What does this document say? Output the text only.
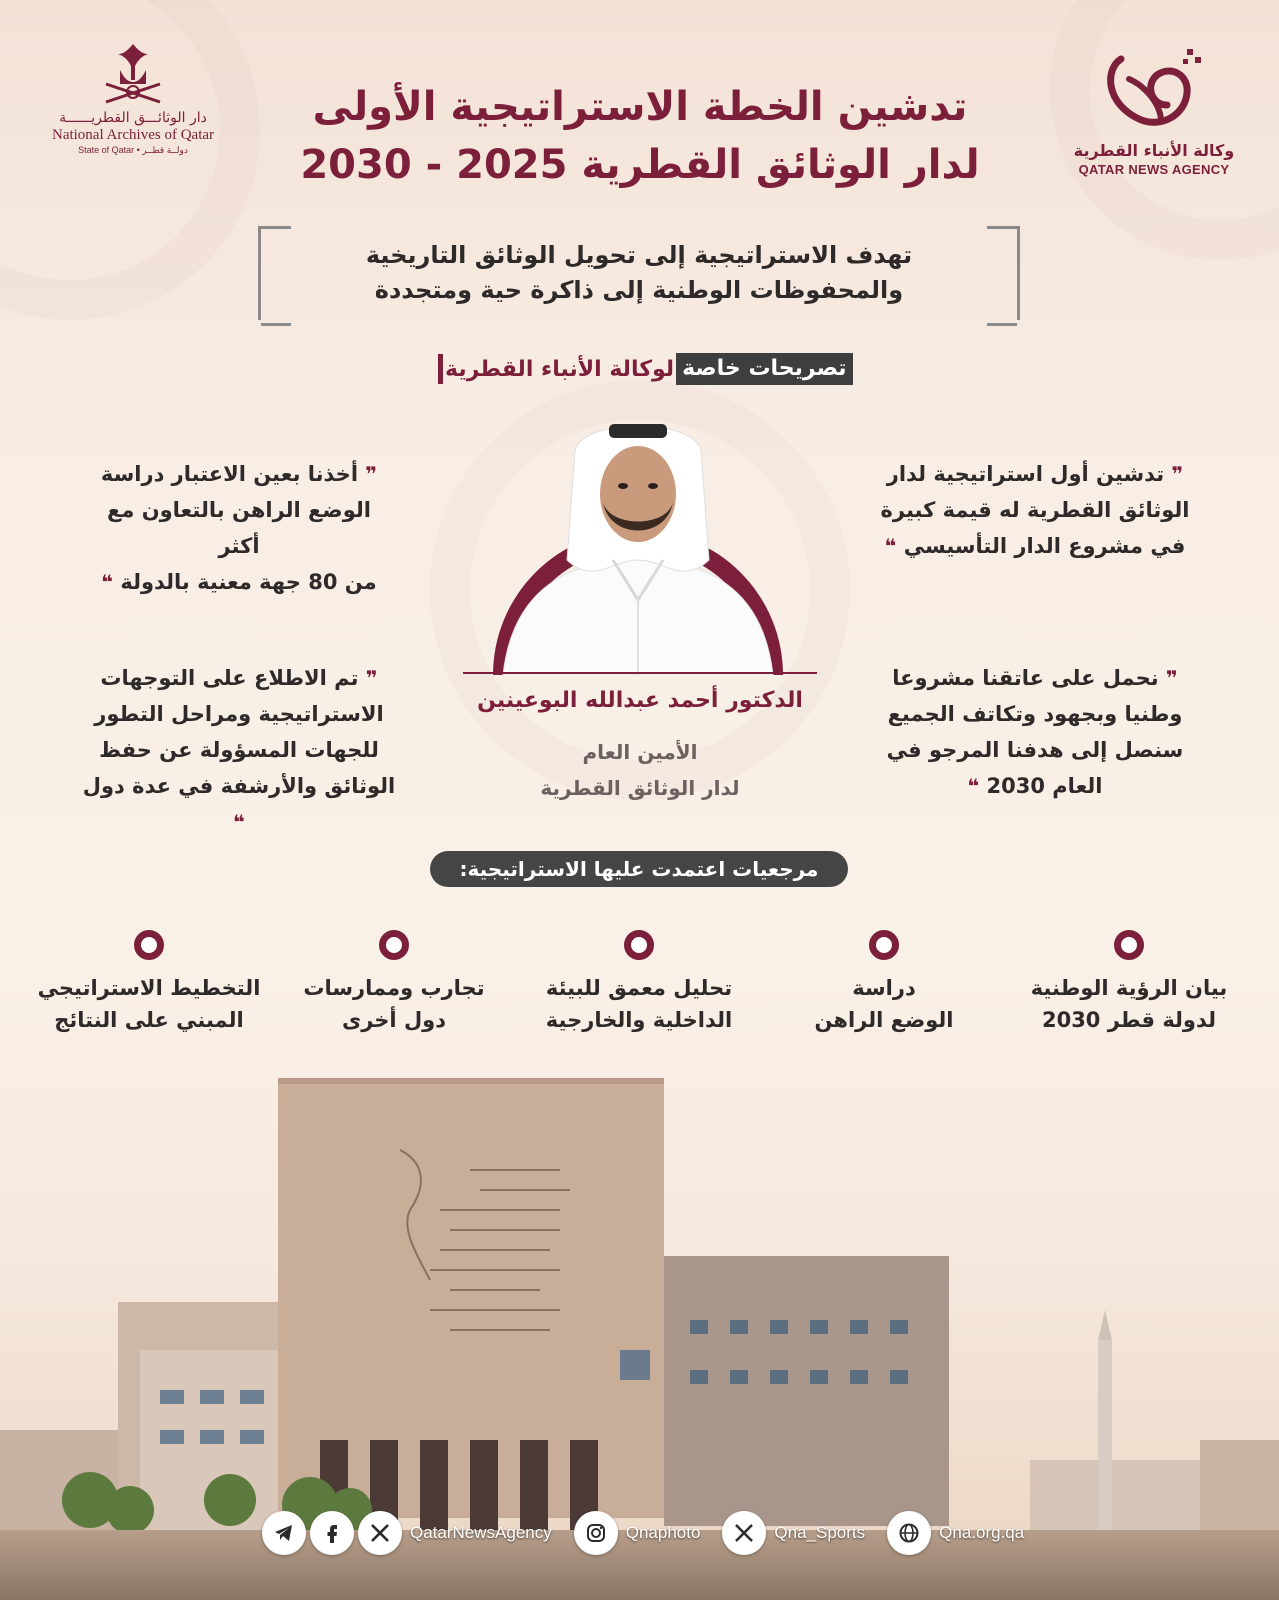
دار الوثائـــق القطريــــــة
National Archives of Qatar
State of Qatar • دولــة قطــر	وكالة الأنباء القطرية
QATAR NEWS AGENCY
تدشين الخطة الاستراتيجية الأولى
لدار الوثائق القطرية 2025 - 2030
تهدف الاستراتيجية إلى تحويل الوثائق التاريخية
والمحفوظات الوطنية إلى ذاكرة حية ومتجددة
تصريحات خاصة
لوكالة الأنباء القطرية
❞ تدشين أول استراتيجية لدار
الوثائق القطرية له قيمة كبيرة
في مشروع الدار التأسيسي ❝
❞ أخذنا بعين الاعتبار دراسة
الوضع الراهن بالتعاون مع أكثر
من 80 جهة معنية بالدولة ❝
❞ نحمل على عاتقنا مشروعا
وطنيا وبجهود وتكاتف الجميع
سنصل إلى هدفنا المرجو في
العام 2030 ❝
❞ تم الاطلاع على التوجهات
الاستراتيجية ومراحل التطور
للجهات المسؤولة عن حفظ
الوثائق والأرشفة في عدة دول ❝
الدكتور أحمد عبدالله البوعينين
الأمين العام
لدار الوثائق القطرية
مرجعيات اعتمدت عليها الاستراتيجية:
بيان الرؤية الوطنية
لدولة قطر 2030
دراسة
الوضع الراهن
تحليل معمق للبيئة
الداخلية والخارجية
تجارب وممارسات
دول أخرى
التخطيط الاستراتيجي
المبني على النتائج
QatarNewsAgency	Qnaphoto	Qna_Sports	Qna.org.qa
